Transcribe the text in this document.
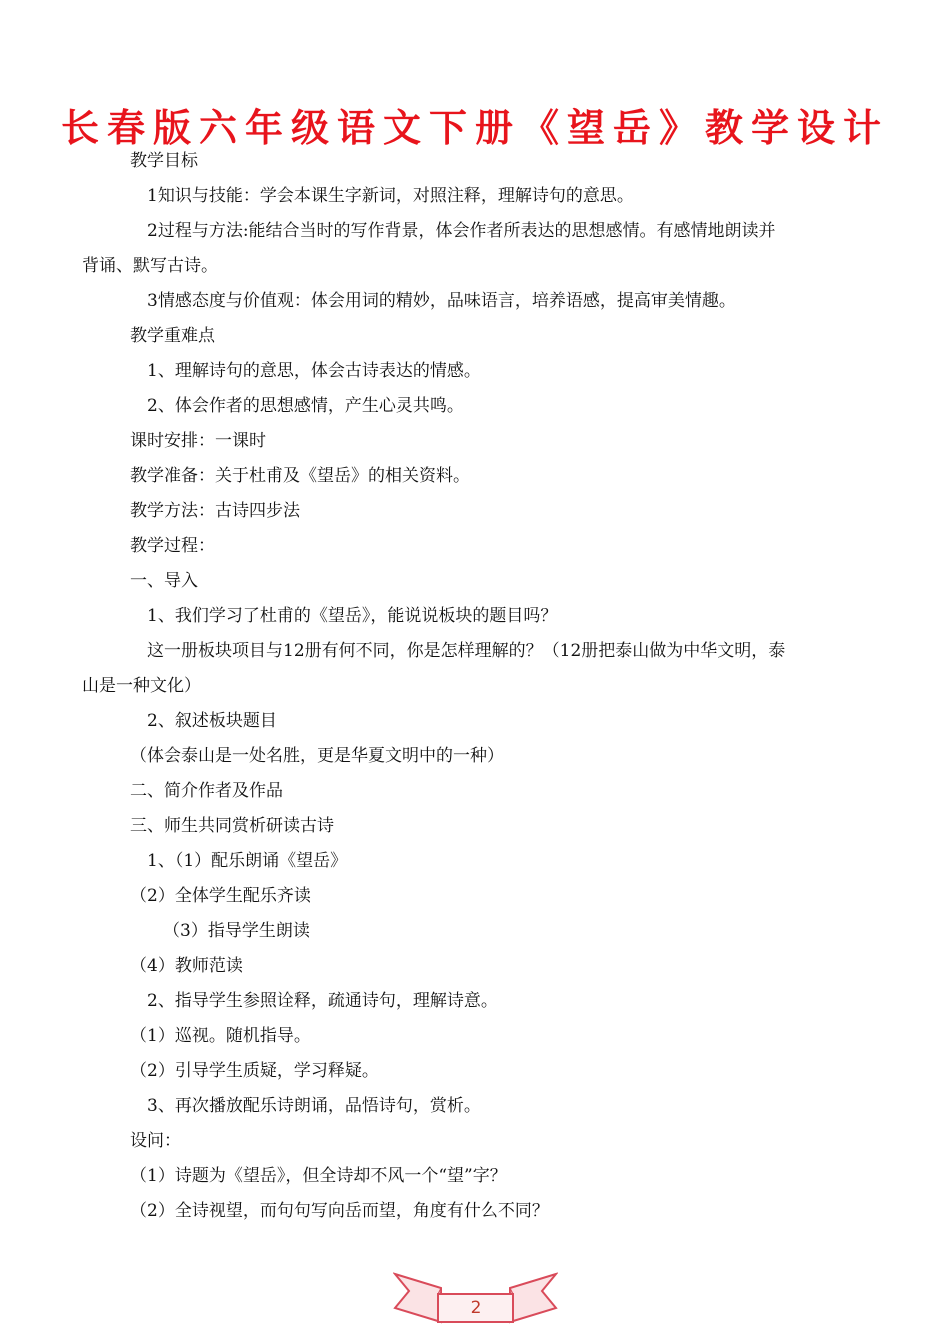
长春版六年级语文下册《望岳》教学设计
教学目标
1知识与技能：学会本课生字新词，对照注释，理解诗句的意思。
2过程与方法:能结合当时的写作背景，体会作者所表达的思想感情。有感情地朗读并
背诵、默写古诗。
3情感态度与价值观：体会用词的精妙，品味语言，培养语感，提高审美情趣。
教学重难点
1、理解诗句的意思，体会古诗表达的情感。
2、体会作者的思想感情，产生心灵共鸣。
课时安排：一课时
教学准备：关于杜甫及《望岳》的相关资料。
教学方法：古诗四步法
教学过程：
一、导入
1、我们学习了杜甫的《望岳》，能说说板块的题目吗？
这一册板块项目与12册有何不同，你是怎样理解的？（12册把泰山做为中华文明，泰
山是一种文化）
2、叙述板块题目
（体会泰山是一处名胜，更是华夏文明中的一种）
二、简介作者及作品
三、师生共同赏析研读古诗
1、（1）配乐朗诵《望岳》
（2）全体学生配乐齐读
（3）指导学生朗读
（4）教师范读
2、指导学生参照诠释，疏通诗句，理解诗意。
（1）巡视。随机指导。
（2）引导学生质疑，学习释疑。
3、再次播放配乐诗朗诵，品悟诗句，赏析。
设问：
（1）诗题为《望岳》，但全诗却不风一个“望”字？
（2）全诗视望，而句句写向岳而望，角度有什么不同？
2
